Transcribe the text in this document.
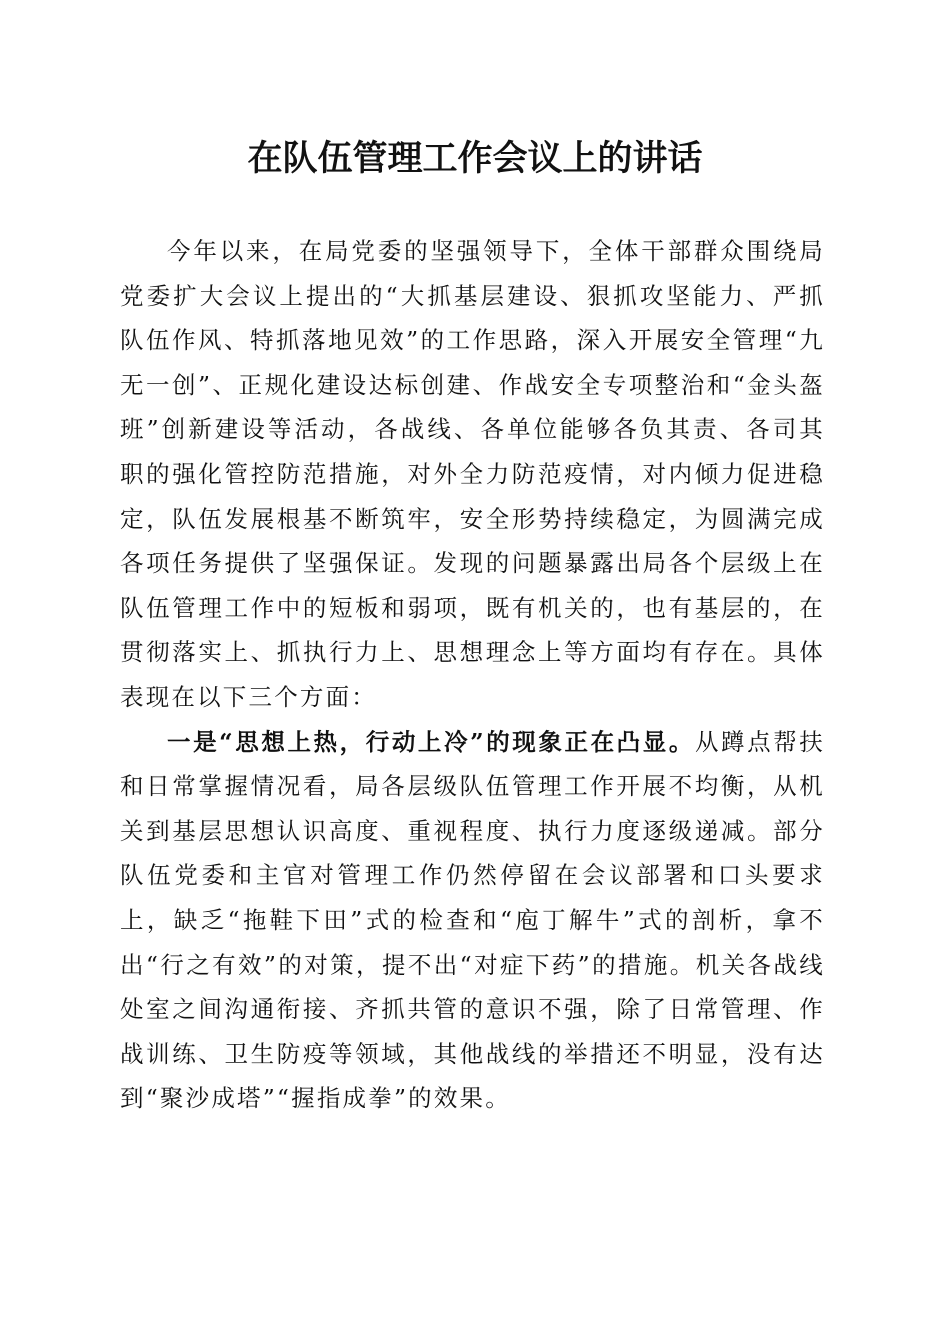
在队伍管理工作会议上的讲话

今年以来，在局党委的坚强领导下，全体干部群众围绕局党委扩大会议上提出的“大抓基层建设、狠抓攻坚能力、严抓队伍作风、特抓落地见效”的工作思路，深入开展安全管理“九无一创”、正规化建设达标创建、作战安全专项整治和“金头盔班”创新建设等活动，各战线、各单位能够各负其责、各司其职的强化管控防范措施，对外全力防范疫情，对内倾力促进稳定，队伍发展根基不断筑牢，安全形势持续稳定，为圆满完成各项任务提供了坚强保证。发现的问题暴露出局各个层级上在队伍管理工作中的短板和弱项，既有机关的，也有基层的，在贯彻落实上、抓执行力上、思想理念上等方面均有存在。具体表现在以下三个方面：

一是“思想上热，行动上冷”的现象正在凸显。从蹲点帮扶和日常掌握情况看，局各层级队伍管理工作开展不均衡，从机关到基层思想认识高度、重视程度、执行力度逐级递减。部分队伍党委和主官对管理工作仍然停留在会议部署和口头要求上，缺乏“拖鞋下田”式的检查和“庖丁解牛”式的剖析，拿不出“行之有效”的对策，提不出“对症下药”的措施。机关各战线处室之间沟通衔接、齐抓共管的意识不强，除了日常管理、作战训练、卫生防疫等领域，其他战线的举措还不明显，没有达到“聚沙成塔”“握指成拳”的效果。
